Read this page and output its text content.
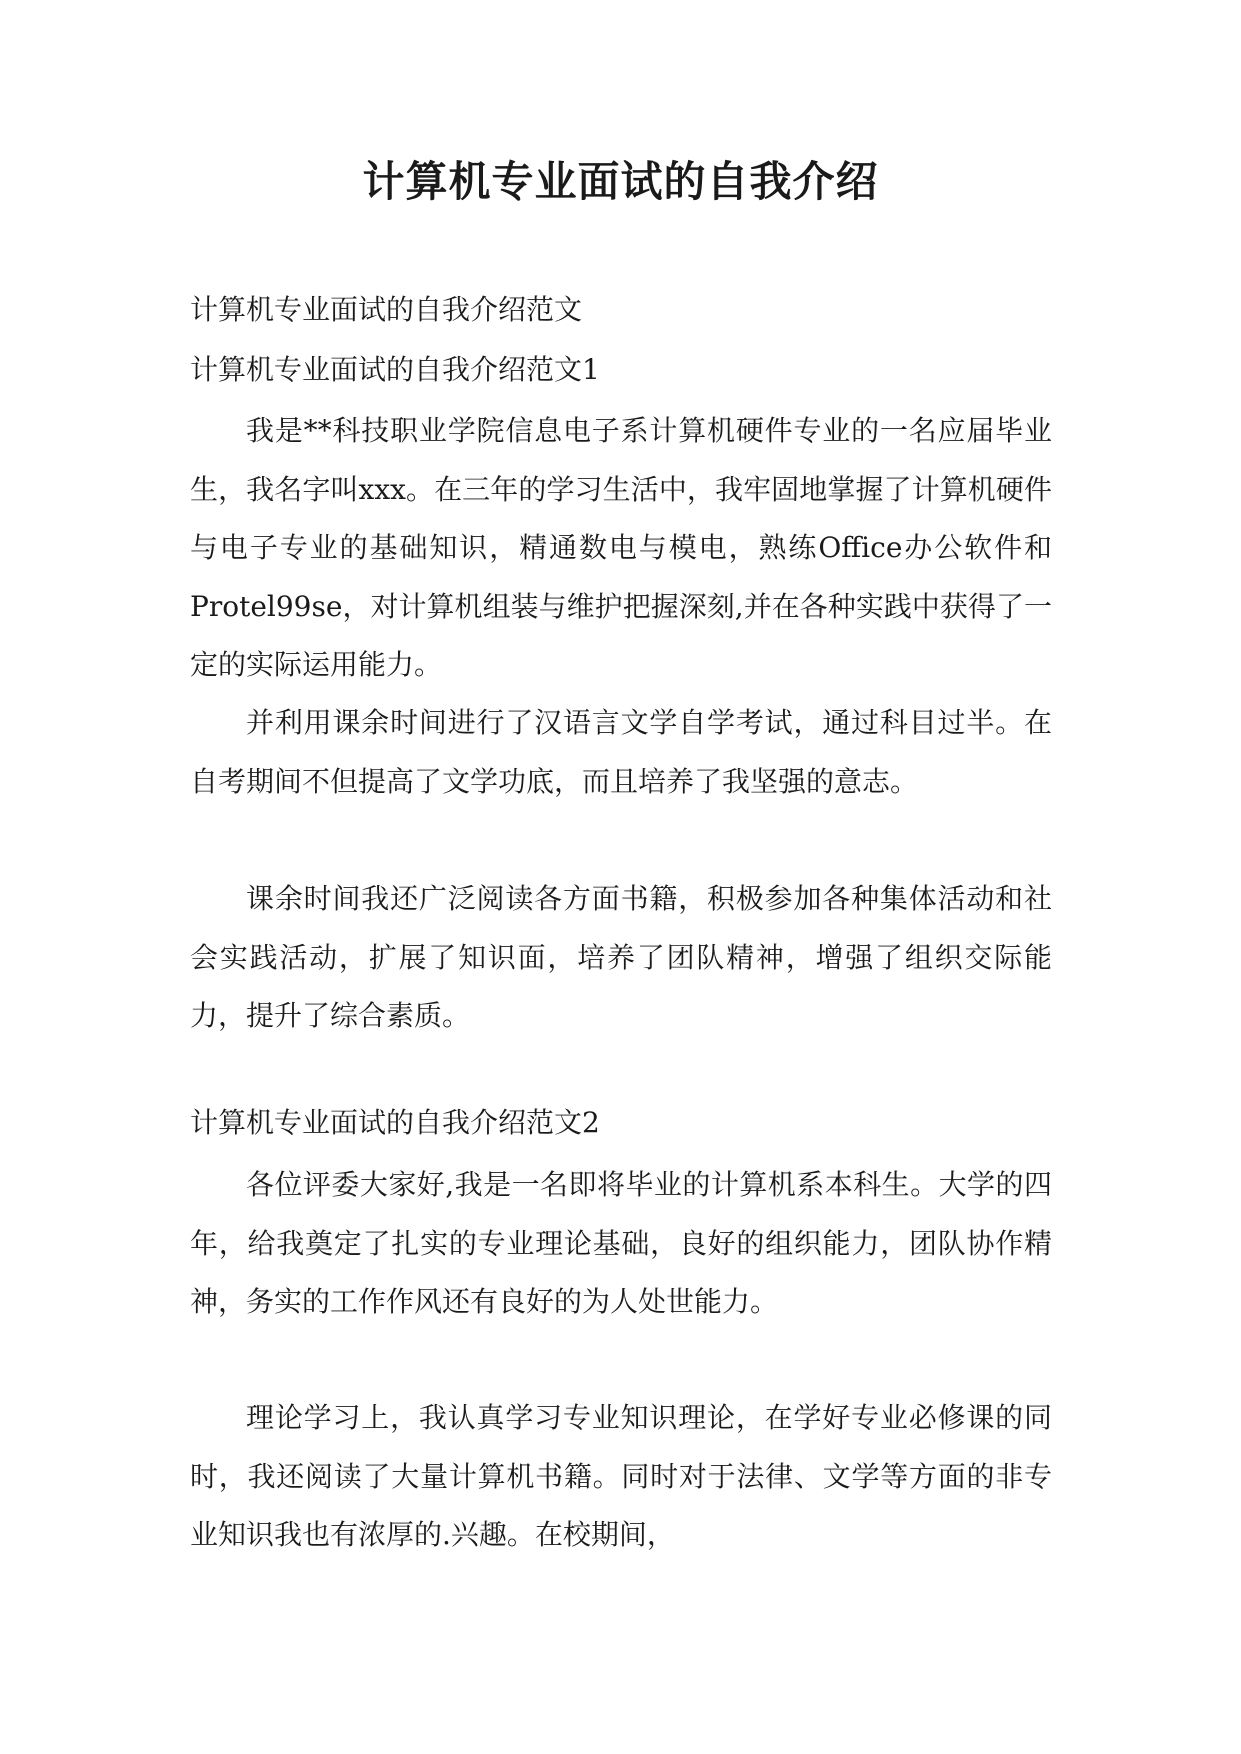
计算机专业面试的自我介绍

计算机专业面试的自我介绍范文

计算机专业面试的自我介绍范文1

我是**科技职业学院信息电子系计算机硬件专业的一名应届毕业生，我名字叫xxx。在三年的学习生活中，我牢固地掌握了计算机硬件与电子专业的基础知识，精通数电与模电，熟练Office办公软件和Protel99se，对计算机组装与维护把握深刻,并在各种实践中获得了一定的实际运用能力。

并利用课余时间进行了汉语言文学自学考试，通过科目过半。在自考期间不但提高了文学功底，而且培养了我坚强的意志。

课余时间我还广泛阅读各方面书籍，积极参加各种集体活动和社会实践活动，扩展了知识面，培养了团队精神，增强了组织交际能力，提升了综合素质。

计算机专业面试的自我介绍范文2

各位评委大家好,我是一名即将毕业的计算机系本科生。大学的四年，给我奠定了扎实的专业理论基础，良好的组织能力，团队协作精神，务实的工作作风还有良好的为人处世能力。

理论学习上，我认真学习专业知识理论，在学好专业必修课的同时，我还阅读了大量计算机书籍。同时对于法律、文学等方面的非专业知识我也有浓厚的.兴趣。在校期间，
